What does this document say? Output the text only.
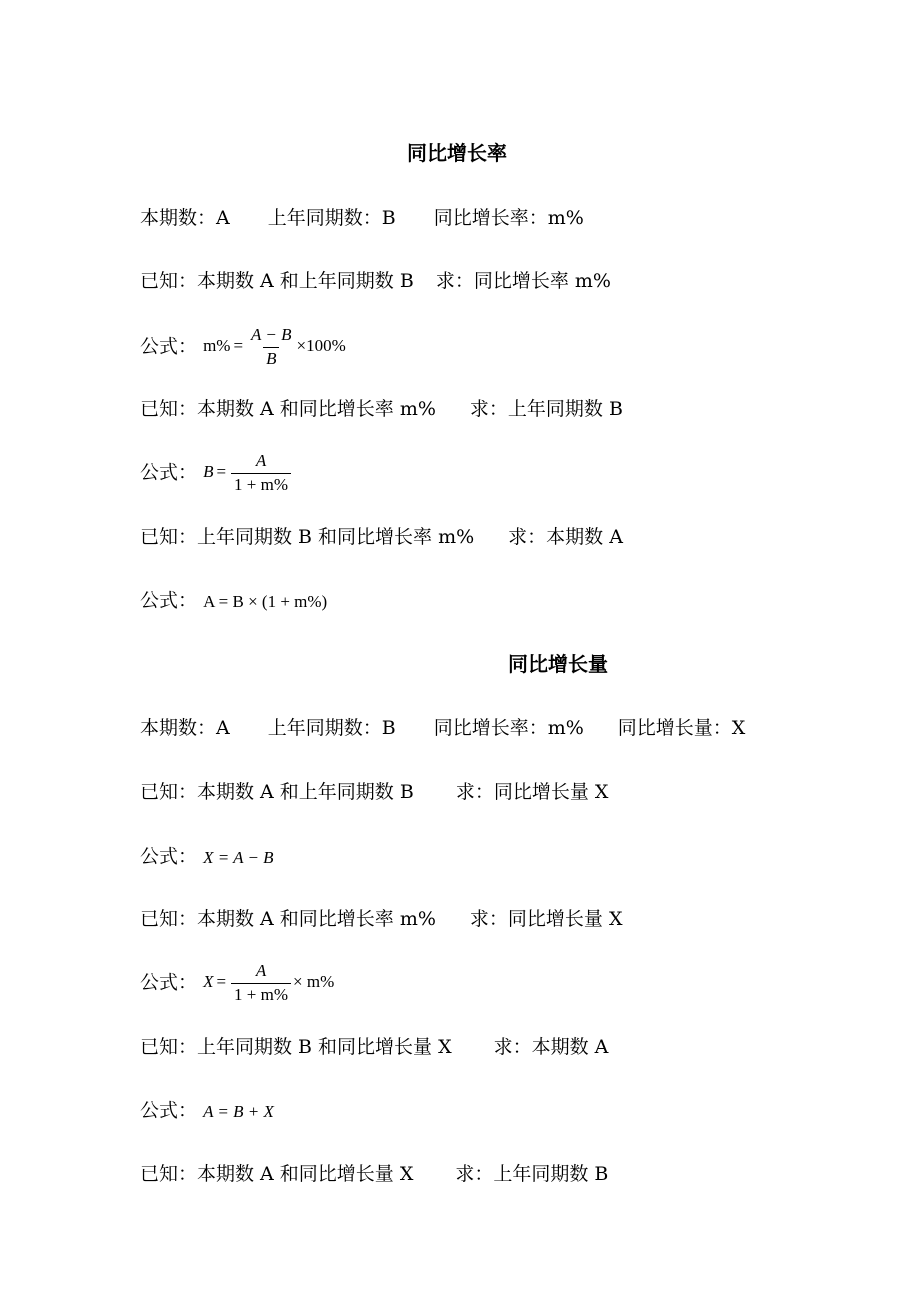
同比增长率
本期数：A 上年同期数：B 同比增长率：m%
已知：本期数 A 和上年同期数 B 求：同比增长率 m%
公式： $m\% = \frac{A - B}{B} \times 100\%$
已知：本期数 A 和同比增长率 m% 求：上年同期数 B
公式： $B = \frac{A}{1 + m\%}$
已知：上年同期数 B 和同比增长率 m% 求：本期数 A
公式： A = B × (1 + m%)
同比增长量
本期数：A 上年同期数：B 同比增长率：m% 同比增长量：X
已知：本期数 A 和上年同期数 B 求：同比增长量 X
公式： X = A − B
已知：本期数 A 和同比增长率 m% 求：同比增长量 X
公式： $X = \frac{A}{1 + m\%} \times m\%$
已知：上年同期数 B 和同比增长量 X 求：本期数 A
公式： A = B + X
已知：本期数 A 和同比增长量 X 求：上年同期数 B
